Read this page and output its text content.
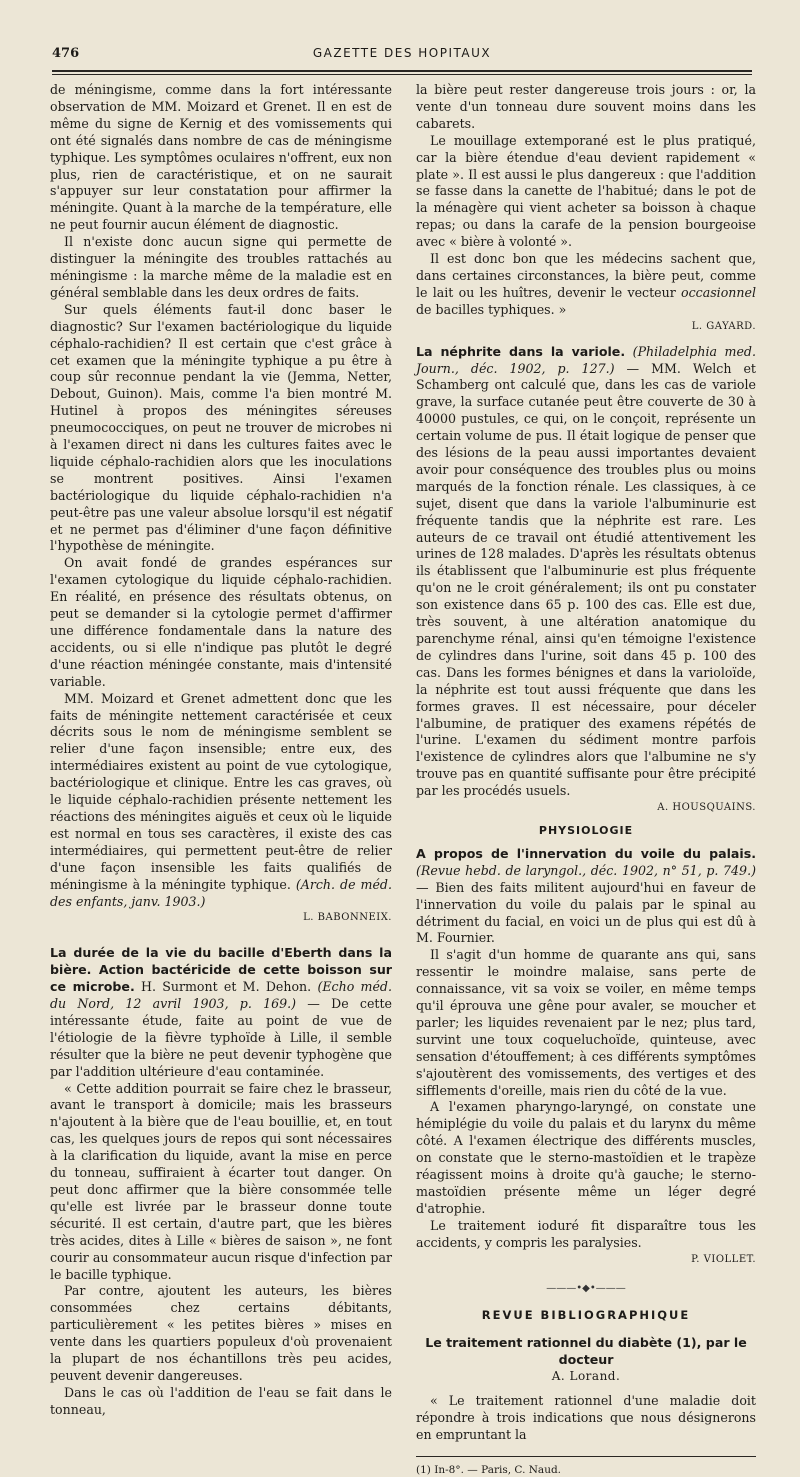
476	GAZETTE DES HOPITAUX

de méningisme, comme dans la fort intéressante observation de MM. Moizard et Grenet. Il en est de même du signe de Kernig et des vomissements qui ont été signalés dans nombre de cas de méningisme typhique. Les symptômes oculaires n'offrent, eux non plus, rien de caractéristique, et on ne saurait s'appuyer sur leur constatation pour affirmer la méningite. Quant à la marche de la température, elle ne peut fournir aucun élément de diagnostic.

Il n'existe donc aucun signe qui permette de distinguer la méningite des troubles rattachés au méningisme : la marche même de la maladie est en général semblable dans les deux ordres de faits.

Sur quels éléments faut-il donc baser le diagnostic? Sur l'examen bactériologique du liquide céphalo-rachidien? Il est certain que c'est grâce à cet examen que la méningite typhique a pu être à coup sûr reconnue pendant la vie (Jemma, Netter, Debout, Guinon). Mais, comme l'a bien montré M. Hutinel à propos des méningites séreuses pneumococciques, on peut ne trouver de microbes ni à l'examen direct ni dans les cultures faites avec le liquide céphalo-rachidien alors que les inoculations se montrent positives. Ainsi l'examen bactériologique du liquide céphalo-rachidien n'a peut-être pas une valeur absolue lorsqu'il est négatif et ne permet pas d'éliminer d'une façon définitive l'hypothèse de méningite.

On avait fondé de grandes espérances sur l'examen cytologique du liquide céphalo-rachidien. En réalité, en présence des résultats obtenus, on peut se demander si la cytologie permet d'affirmer une différence fondamentale dans la nature des accidents, ou si elle n'indique pas plutôt le degré d'une réaction méningée constante, mais d'intensité variable.

MM. Moizard et Grenet admettent donc que les faits de méningite nettement caractérisée et ceux décrits sous le nom de méningisme semblent se relier d'une façon insensible; entre eux, des intermédiaires existent au point de vue cytologique, bactériologique et clinique. Entre les cas graves, où le liquide céphalo-rachidien présente nettement les réactions des méningites aiguës et ceux où le liquide est normal en tous ses caractères, il existe des cas intermédiaires, qui permettent peut-être de relier d'une façon insensible les faits qualifiés de méningisme à la méningite typhique. (Arch. de méd. des enfants, janv. 1903.)

L. BABONNEIX.

La durée de la vie du bacille d'Eberth dans la bière. Action bactéricide de cette boisson sur ce microbe. H. Surmont et M. Dehon. (Echo méd. du Nord, 12 avril 1903, p. 169.) — De cette intéressante étude, faite au point de vue de l'étiologie de la fièvre typhoïde à Lille, il semble résulter que la bière ne peut devenir typhogène que par l'addition ultérieure d'eau contaminée.

« Cette addition pourrait se faire chez le brasseur, avant le transport à domicile; mais les brasseurs n'ajoutent à la bière que de l'eau bouillie, et, en tout cas, les quelques jours de repos qui sont nécessaires à la clarification du liquide, avant la mise en perce du tonneau, suffiraient à écarter tout danger. On peut donc affirmer que la bière consommée telle qu'elle est livrée par le brasseur donne toute sécurité. Il est certain, d'autre part, que les bières très acides, dites à Lille « bières de saison », ne font courir au consommateur aucun risque d'infection par le bacille typhique.

Par contre, ajoutent les auteurs, les bières consommées chez certains débitants, particulièrement « les petites bières » mises en vente dans les quartiers populeux d'où provenaient la plupart de nos échantillons très peu acides, peuvent devenir dangereuses.

Dans le cas où l'addition de l'eau se fait dans le tonneau,

la bière peut rester dangereuse trois jours : or, la vente d'un tonneau dure souvent moins dans les cabarets.

Le mouillage extemporané est le plus pratiqué, car la bière étendue d'eau devient rapidement « plate ». Il est aussi le plus dangereux : que l'addition se fasse dans la canette de l'habitué; dans le pot de la ménagère qui vient acheter sa boisson à chaque repas; ou dans la carafe de la pension bourgeoise avec « bière à volonté ».

Il est donc bon que les médecins sachent que, dans certaines circonstances, la bière peut, comme le lait ou les huîtres, devenir le vecteur occasionnel de bacilles typhiques. »

L. GAYARD.

La néphrite dans la variole. (Philadelphia med. Journ., déc. 1902, p. 127.) — MM. Welch et Schamberg ont calculé que, dans les cas de variole grave, la surface cutanée peut être couverte de 30 à 40000 pustules, ce qui, on le conçoit, représente un certain volume de pus. Il était logique de penser que des lésions de la peau aussi importantes devaient avoir pour conséquence des troubles plus ou moins marqués de la fonction rénale. Les classiques, à ce sujet, disent que dans la variole l'albuminurie est fréquente tandis que la néphrite est rare. Les auteurs de ce travail ont étudié attentivement les urines de 128 malades. D'après les résultats obtenus ils établissent que l'albuminurie est plus fréquente qu'on ne le croit généralement; ils ont pu constater son existence dans 65 p. 100 des cas. Elle est due, très souvent, à une altération anatomique du parenchyme rénal, ainsi qu'en témoigne l'existence de cylindres dans l'urine, soit dans 45 p. 100 des cas. Dans les formes bénignes et dans la varioloïde, la néphrite est tout aussi fréquente que dans les formes graves. Il est nécessaire, pour déceler l'albumine, de pratiquer des examens répétés de l'urine. L'examen du sédiment montre parfois l'existence de cylindres alors que l'albumine ne s'y trouve pas en quantité suffisante pour être précipité par les procédés usuels.

A. HOUSQUAINS.

PHYSIOLOGIE

A propos de l'innervation du voile du palais. (Revue hebd. de laryngol., déc. 1902, n° 51, p. 749.) — Bien des faits militent aujourd'hui en faveur de l'innervation du voile du palais par le spinal au détriment du facial, en voici un de plus qui est dû à M. Fournier.

Il s'agit d'un homme de quarante ans qui, sans ressentir le moindre malaise, sans perte de connaissance, vit sa voix se voiler, en même temps qu'il éprouva une gêne pour avaler, se moucher et parler; les liquides revenaient par le nez; plus tard, survint une toux coqueluchoïde, quinteuse, avec sensation d'étouffement; à ces différents symptômes s'ajoutèrent des vomissements, des vertiges et des sifflements d'oreille, mais rien du côté de la vue.

A l'examen pharyngo-laryngé, on constate une hémiplégie du voile du palais et du larynx du même côté. A l'examen électrique des différents muscles, on constate que le sterno-mastoïdien et le trapèze réagissent moins à droite qu'à gauche; le sterno-mastoïdien présente même un léger degré d'atrophie.

Le traitement ioduré fit disparaître tous les accidents, y compris les paralysies.

P. VIOLLET.

———•◆•———
REVUE BIBLIOGRAPHIQUE
Le traitement rationnel du diabète (1), par le docteur
A. Lorand.

« Le traitement rationnel d'une maladie doit répondre à trois indications que nous désignerons en empruntant la

(1) In-8°. — Paris, C. Naud.
